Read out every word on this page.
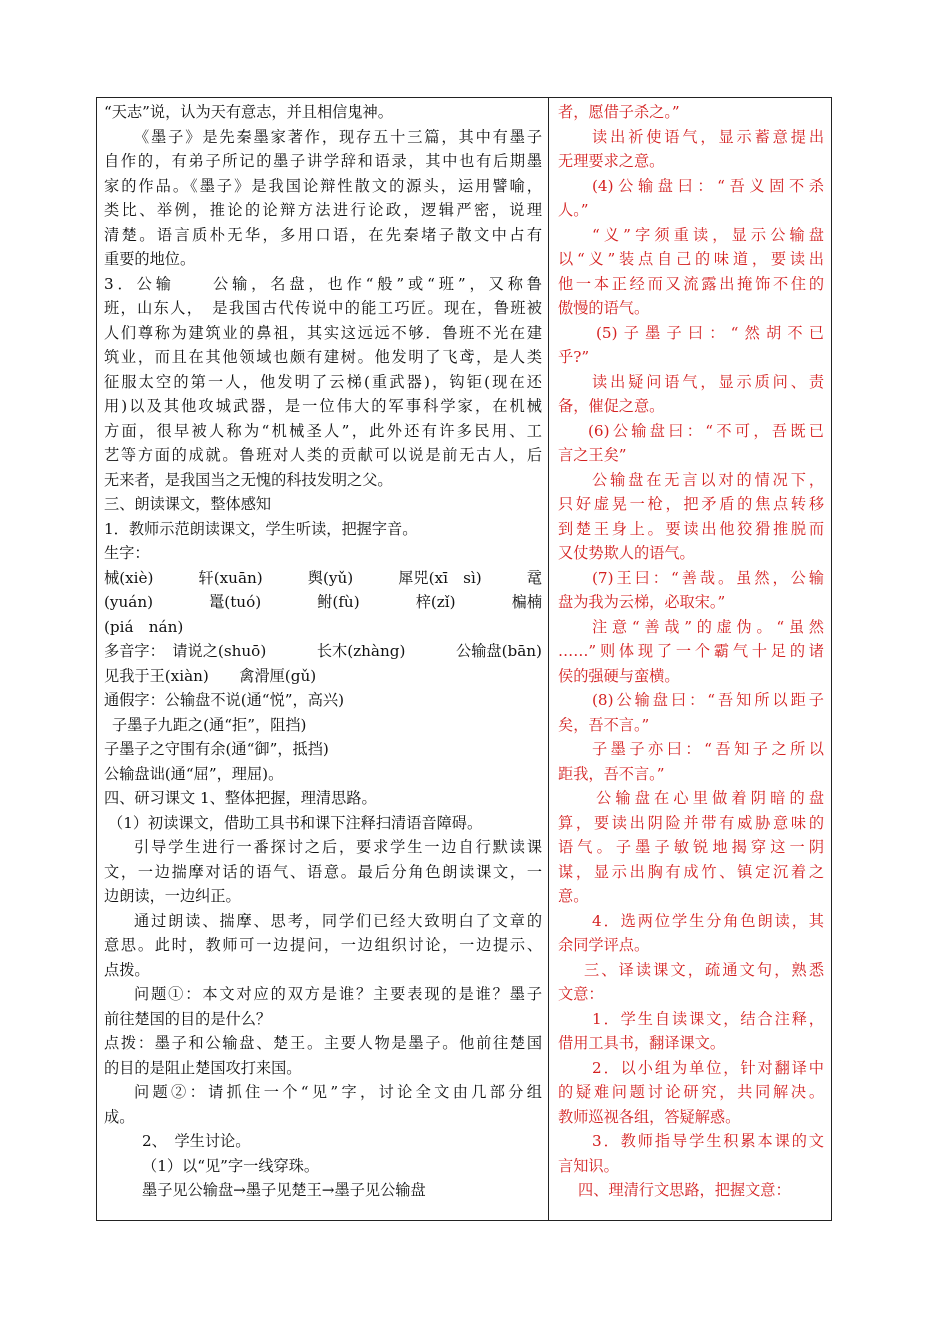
“天志”说，认为天有意志，并且相信鬼神。
《墨子》是先秦墨家著作，现存五十三篇，其中有墨子
自作的，有弟子所记的墨子讲学辞和语录，其中也有后期墨
家的作品。《墨子》是我国论辩性散文的源头，运用譬喻，
类比、举例，推论的论辩方法进行论政，逻辑严密，说理
清楚。语言质朴无华，多用口语，在先秦堵子散文中占有
重要的地位。
3．公输　　公输，名盘，也作“般”或“班”，又称鲁
班，山东人，　是我国古代传说中的能工巧匠。现在，鲁班被
人们尊称为建筑业的鼻祖，其实这远远不够．鲁班不光在建
筑业，而且在其他领域也颇有建树。他发明了飞鸢，是人类
征服太空的第一人，他发明了云梯(重武器)，钩钜(现在还
用)以及其他攻城武器，是一位伟大的军事科学家，在机械
方面，很早被人称为“机械圣人”，此外还有许多民用、工
艺等方面的成就。鲁班对人类的贡献可以说是前无古人，后
无来者，是我国当之无愧的科技发明之父。
三、朗读课文，整体感知
1．教师示范朗读课文，学生听读，把握字音。
生字：
械(xiè)	轩(xuān)	舆(yǔ)	犀兕(xī　sì)	鼋
(yuán)	鼍(tuó)	鲋(fù)	梓(zǐ)	楄楠
(piá　nán)
多音字：　请说之(shuō)	长木(zhàng)	公输盘(bān)
见我于王(xiàn)　　禽滑厘(gǔ)
通假字：公输盘不说(通“悦”，高兴)
子墨子九距之(通“拒”，阻挡)
子墨子之守围有余(通“御”，抵挡)
公输盘诎(通“屈”，理屈)。
四、研习课文 1、整体把握，理清思路。
（1）初读课文，借助工具书和课下注释扫清语音障碍。
引导学生进行一番探讨之后，要求学生一边自行默读课
文，一边揣摩对话的语气、语意。最后分角色朗读课文，一
边朗读，一边纠正。
通过朗读、揣摩、思考，同学们已经大致明白了文章的
意思。此时，教师可一边提问，一边组织讨论，一边提示、
点拨。
问题①：本文对应的双方是谁？主要表现的是谁？墨子
前往楚国的目的是什么？
点拨：墨子和公输盘、楚王。主要人物是墨子。他前往楚国
的目的是阻止楚国攻打来国。
问题②：请抓住一个“见”字，讨论全文由几部分组
成。
2、　学生讨论。
（1）以“见”字一线穿珠。
墨子见公输盘→墨子见楚王→墨子见公输盘
者，愿借子杀之。”
读出祈使语气，显示蓄意提出
无理要求之意。
(4)公输盘曰：“吾义固不杀
人。”
“义”字须重读，显示公输盘
以“义”装点自己的味道，要读出
他一本正经而又流露出掩饰不住的
傲慢的语气。
(5)子墨子曰：“然胡不已
乎?”
读出疑问语气，显示质问、责
备，催促之意。
(6)公输盘曰：“不可，吾既已
言之王矣”
公输盘在无言以对的情况下，
只好虚晃一枪，把矛盾的焦点转移
到楚王身上。要读出他狡猾推脱而
又仗势欺人的语气。
(7)王曰：“善哉。虽然，公输
盘为我为云梯，必取宋。”
注意“善哉”的虚伪。“虽然
……”则体现了一个霸气十足的诸
侯的强硬与蛮横。
(8)公输盘曰：“吾知所以距子
矣，吾不言。”
子墨子亦曰：“吾知子之所以
距我，吾不言。”
公输盘在心里做着阴暗的盘
算，要读出阴险并带有威胁意味的
语气。子墨子敏锐地揭穿这一阴
谋，显示出胸有成竹、镇定沉着之
意。
4．选两位学生分角色朗读，其
余同学评点。
三、译读课文，疏通文句，熟悉
文意：
1．学生自读课文，结合注释，
借用工具书，翻译课文。
2．以小组为单位，针对翻译中
的疑难问题讨论研究，共同解决。
教师巡视各组，答疑解惑。
3．教师指导学生积累本课的文
言知识。
四、理清行文思路，把握文意：
